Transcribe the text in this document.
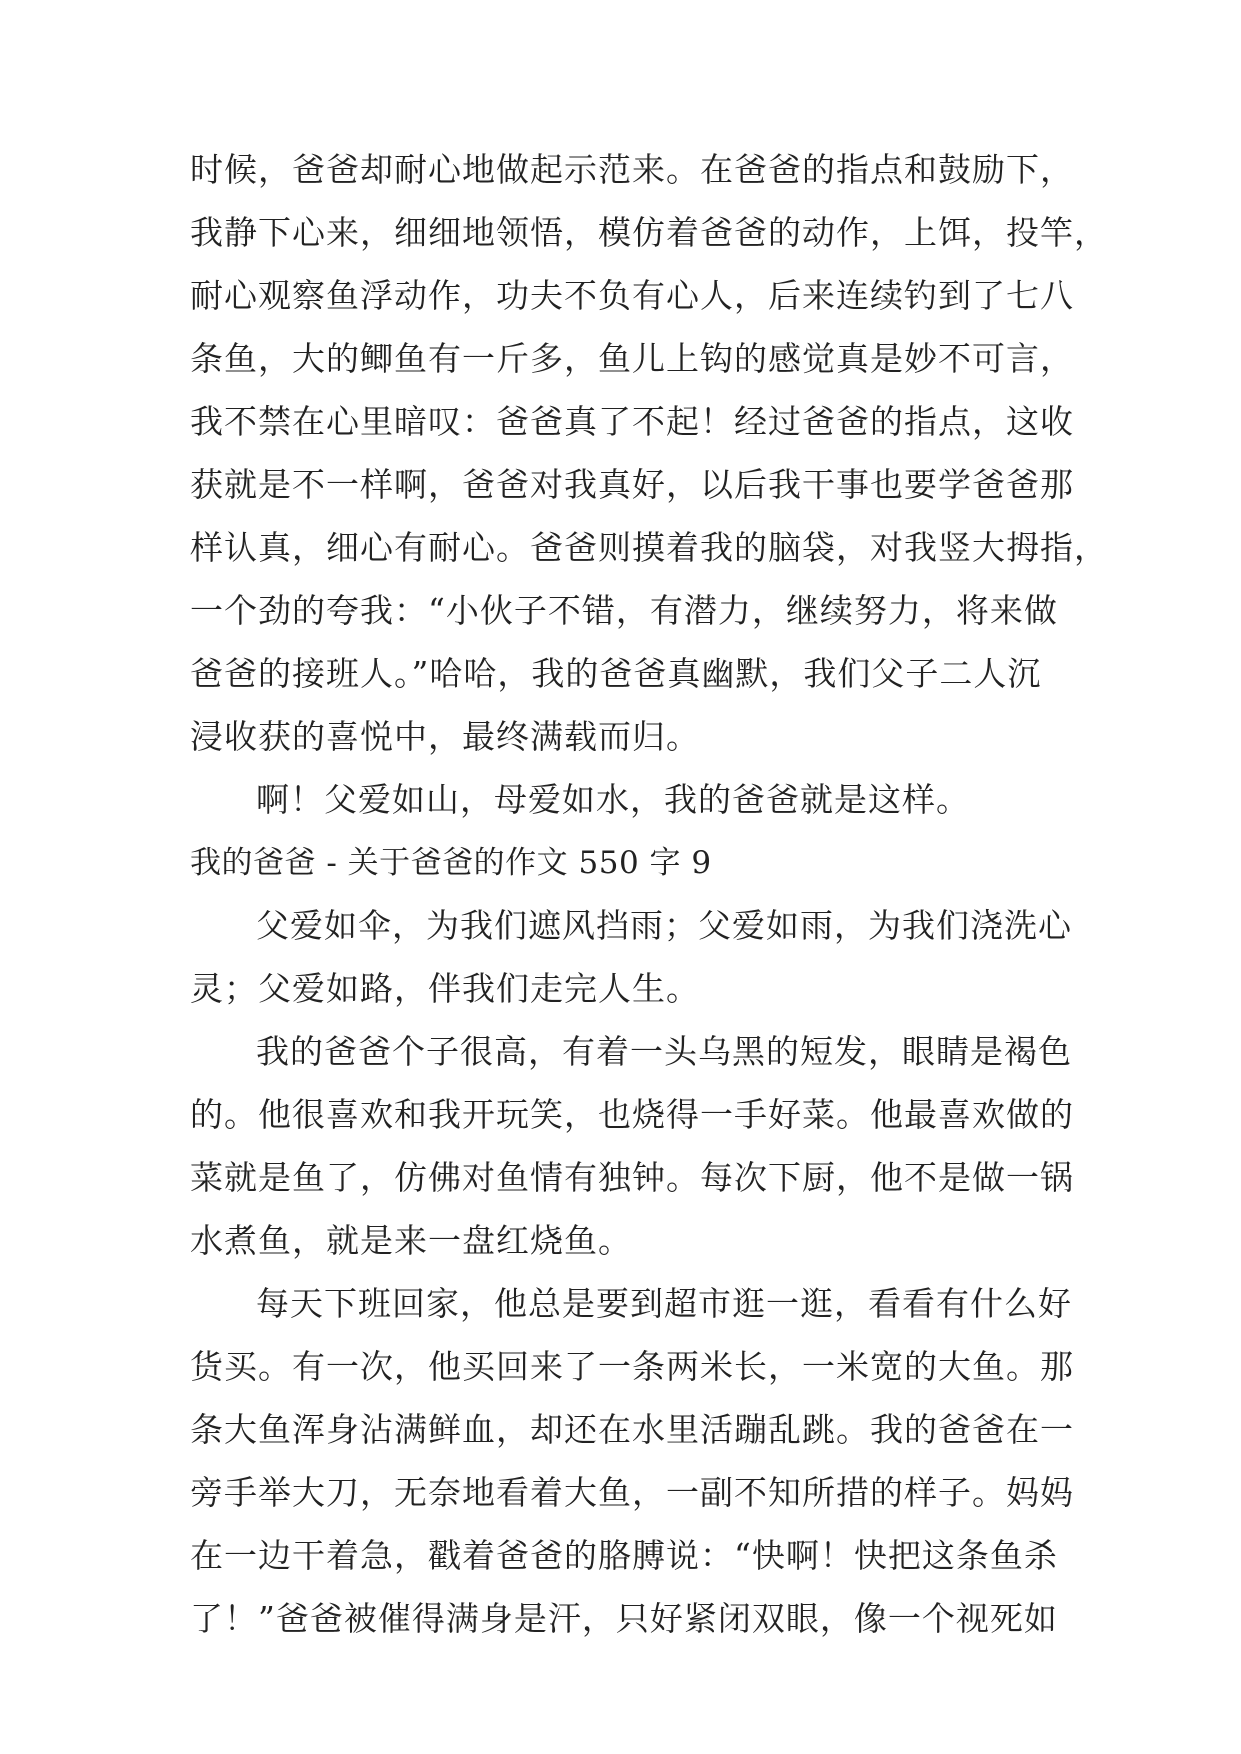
时候，爸爸却耐心地做起示范来。在爸爸的指点和鼓励下，
我静下心来，细细地领悟，模仿着爸爸的动作，上饵，投竿，
耐心观察鱼浮动作，功夫不负有心人，后来连续钓到了七八
条鱼，大的鲫鱼有一斤多，鱼儿上钩的感觉真是妙不可言，
我不禁在心里暗叹：爸爸真了不起！经过爸爸的指点，这收
获就是不一样啊，爸爸对我真好，以后我干事也要学爸爸那
样认真，细心有耐心。爸爸则摸着我的脑袋，对我竖大拇指，
一个劲的夸我：“小伙子不错，有潜力，继续努力，将来做
爸爸的接班人。”哈哈，我的爸爸真幽默，我们父子二人沉
浸收获的喜悦中，最终满载而归。
啊！父爱如山，母爱如水，我的爸爸就是这样。
我的爸爸 - 关于爸爸的作文 550 字 9
父爱如伞，为我们遮风挡雨；父爱如雨，为我们浇洗心
灵；父爱如路，伴我们走完人生。
我的爸爸个子很高，有着一头乌黑的短发，眼睛是褐色
的。他很喜欢和我开玩笑，也烧得一手好菜。他最喜欢做的
菜就是鱼了，仿佛对鱼情有独钟。每次下厨，他不是做一锅
水煮鱼，就是来一盘红烧鱼。
每天下班回家，他总是要到超市逛一逛，看看有什么好
货买。有一次，他买回来了一条两米长，一米宽的大鱼。那
条大鱼浑身沾满鲜血，却还在水里活蹦乱跳。我的爸爸在一
旁手举大刀，无奈地看着大鱼，一副不知所措的样子。妈妈
在一边干着急，戳着爸爸的胳膊说：“快啊！快把这条鱼杀
了！”爸爸被催得满身是汗，只好紧闭双眼，像一个视死如
